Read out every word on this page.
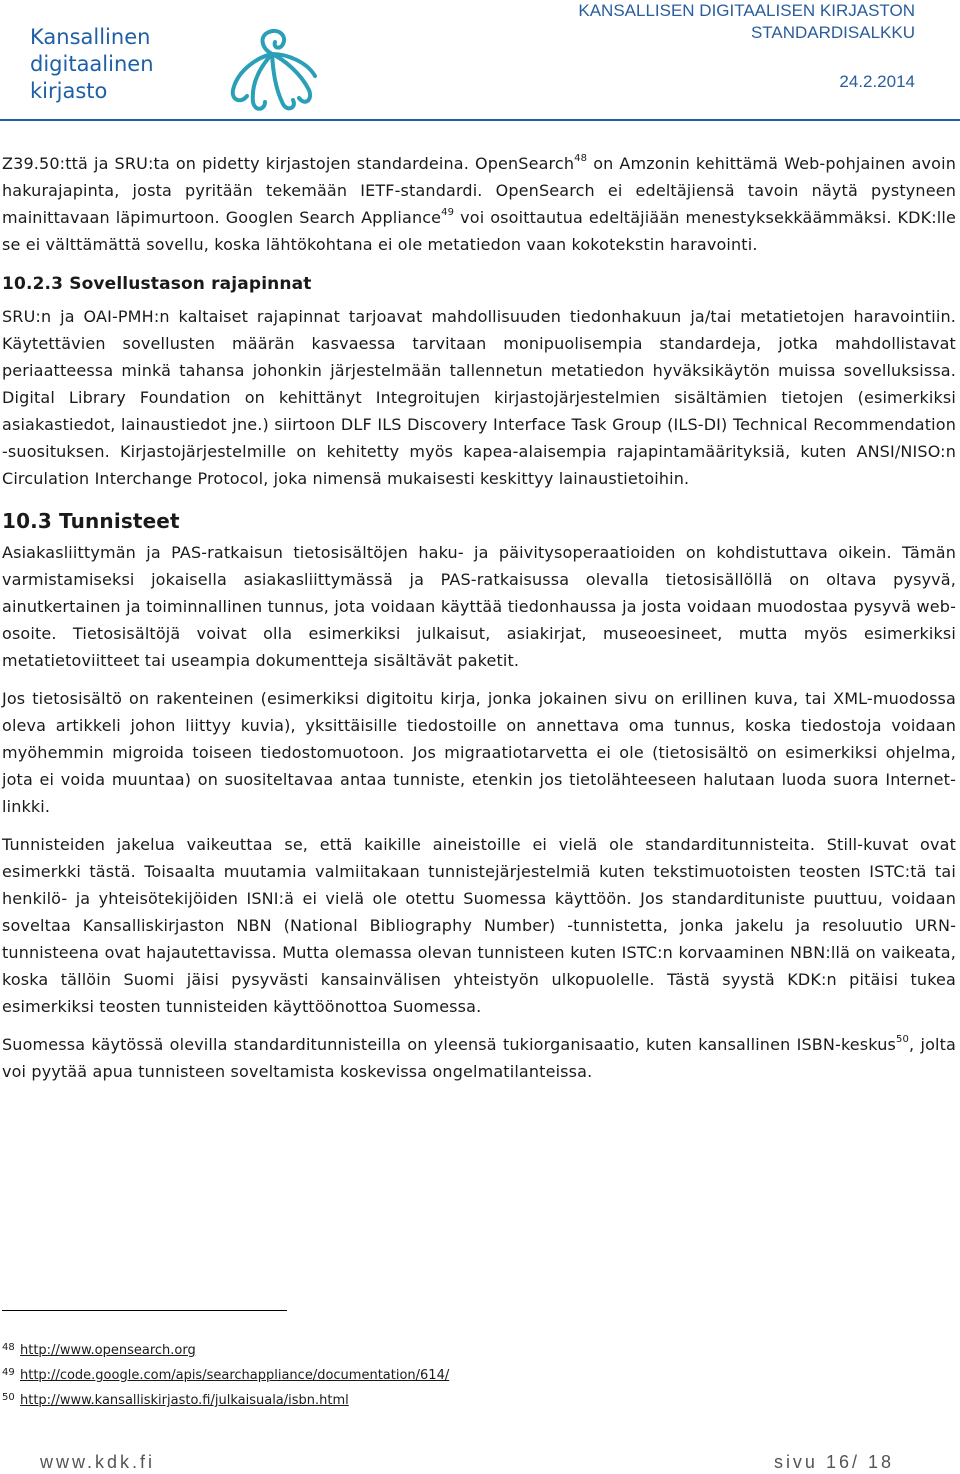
Kansallinen
digitaalinen
kirjasto
KANSALLISEN DIGITAALISEN KIRJASTON
STANDARDISALKKU
24.2.2014

Z39.50:ttä ja SRU:ta on pidetty kirjastojen standardeina. OpenSearch$^{48}$ on Amzonin kehittämä Web-pohjainen avoin hakurajapinta, josta pyritään tekemään IETF-standardi. OpenSearch ei edeltäjiensä tavoin näytä pystyneen mainittavaan läpimurtoon. Googlen Search Appliance$^{49}$ voi osoittautua edeltäjiään menestyksekkäämmäksi. KDK:lle se ei välttämättä sovellu, koska lähtökohtana ei ole metatiedon vaan kokotekstin haravointi.

10.2.3 Sovellustason rajapinnat

SRU:n ja OAI-PMH:n kaltaiset rajapinnat tarjoavat mahdollisuuden tiedonhakuun ja/tai metatietojen haravointiin. Käytettävien sovellusten määrän kasvaessa tarvitaan monipuolisempia standardeja, jotka mahdollistavat periaatteessa minkä tahansa johonkin järjestelmään tallennetun metatiedon hyväksikäytön muissa sovelluksissa. Digital Library Foundation on kehittänyt Integroitujen kirjastojärjestelmien sisältämien tietojen (esimerkiksi asiakastiedot, lainaustiedot jne.) siirtoon DLF ILS Discovery Interface Task Group (ILS-DI) Technical Recommendation -suosituksen. Kirjastojärjestelmille on kehitetty myös kapea-alaisempia rajapintamäärityksiä, kuten ANSI/NISO:n Circulation Interchange Protocol, joka nimensä mukaisesti keskittyy lainaustietoihin.

10.3 Tunnisteet

Asiakasliittymän ja PAS-ratkaisun tietosisältöjen haku- ja päivitysoperaatioiden on kohdistuttava oikein. Tämän varmistamiseksi jokaisella asiakasliittymässä ja PAS-ratkaisussa olevalla tietosisällöllä on oltava pysyvä, ainutkertainen ja toiminnallinen tunnus, jota voidaan käyttää tiedonhaussa ja josta voidaan muodostaa pysyvä web-osoite. Tietosisältöjä voivat olla esimerkiksi julkaisut, asiakirjat, museoesineet, mutta myös esimerkiksi metatietoviitteet tai useampia dokumentteja sisältävät paketit.

Jos tietosisältö on rakenteinen (esimerkiksi digitoitu kirja, jonka jokainen sivu on erillinen kuva, tai XML-muodossa oleva artikkeli johon liittyy kuvia), yksittäisille tiedostoille on annettava oma tunnus, koska tiedostoja voidaan myöhemmin migroida toiseen tiedostomuotoon. Jos migraatiotarvetta ei ole (tietosisältö on esimerkiksi ohjelma, jota ei voida muuntaa) on suositeltavaa antaa tunniste, etenkin jos tietolähteeseen halutaan luoda suora Internet-linkki.

Tunnisteiden jakelua vaikeuttaa se, että kaikille aineistoille ei vielä ole standarditunnisteita. Still-kuvat ovat esimerkki tästä. Toisaalta muutamia valmiitakaan tunnistejärjestelmiä kuten tekstimuotoisten teosten ISTC:tä tai henkilö- ja yhteisötekijöiden ISNI:ä ei vielä ole otettu Suomessa käyttöön. Jos standardituniste puuttuu, voidaan soveltaa Kansalliskirjaston NBN (National Bibliography Number) -tunnistetta, jonka jakelu ja resoluutio URN-tunnisteena ovat hajautettavissa. Mutta olemassa olevan tunnisteen kuten ISTC:n korvaaminen NBN:llä on vaikeata, koska tällöin Suomi jäisi pysyvästi kansainvälisen yhteistyön ulkopuolelle. Tästä syystä KDK:n pitäisi tukea esimerkiksi teosten tunnisteiden käyttöönottoa Suomessa.

Suomessa käytössä olevilla standarditunnisteilla on yleensä tukiorganisaatio, kuten kansallinen ISBN-keskus$^{50}$, jolta voi pyytää apua tunnisteen soveltamista koskevissa ongelmatilanteissa.

48 http://www.opensearch.org
49 http://code.google.com/apis/searchappliance/documentation/614/
50 http://www.kansalliskirjasto.fi/julkaisuala/isbn.html
www.kdk.fi	sivu 16/ 18
